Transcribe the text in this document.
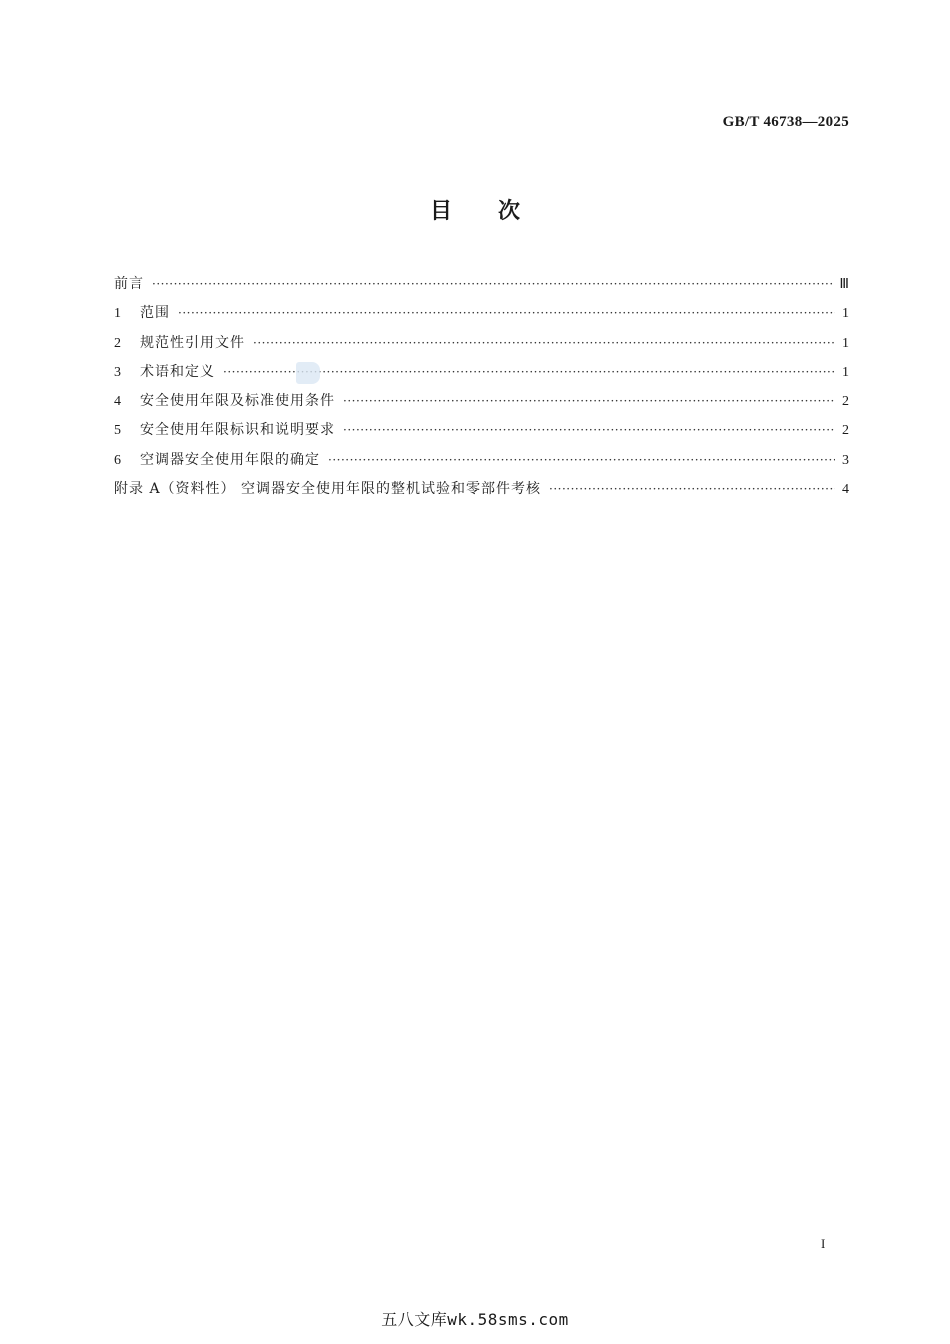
GB/T 46738—2025
目次
前言 ·····	Ⅲ
1	范围 ·····	1
2	规范性引用文件 ·····	1
3	术语和定义 ·····	1
4	安全使用年限及标准使用条件 ·····	2
5	安全使用年限标识和说明要求 ·····	2
6	空调器安全使用年限的确定 ·····	3
附录 A（资料性） 空调器安全使用年限的整机试验和零部件考核 ·····	4
I
五八文库wk.58sms.com
